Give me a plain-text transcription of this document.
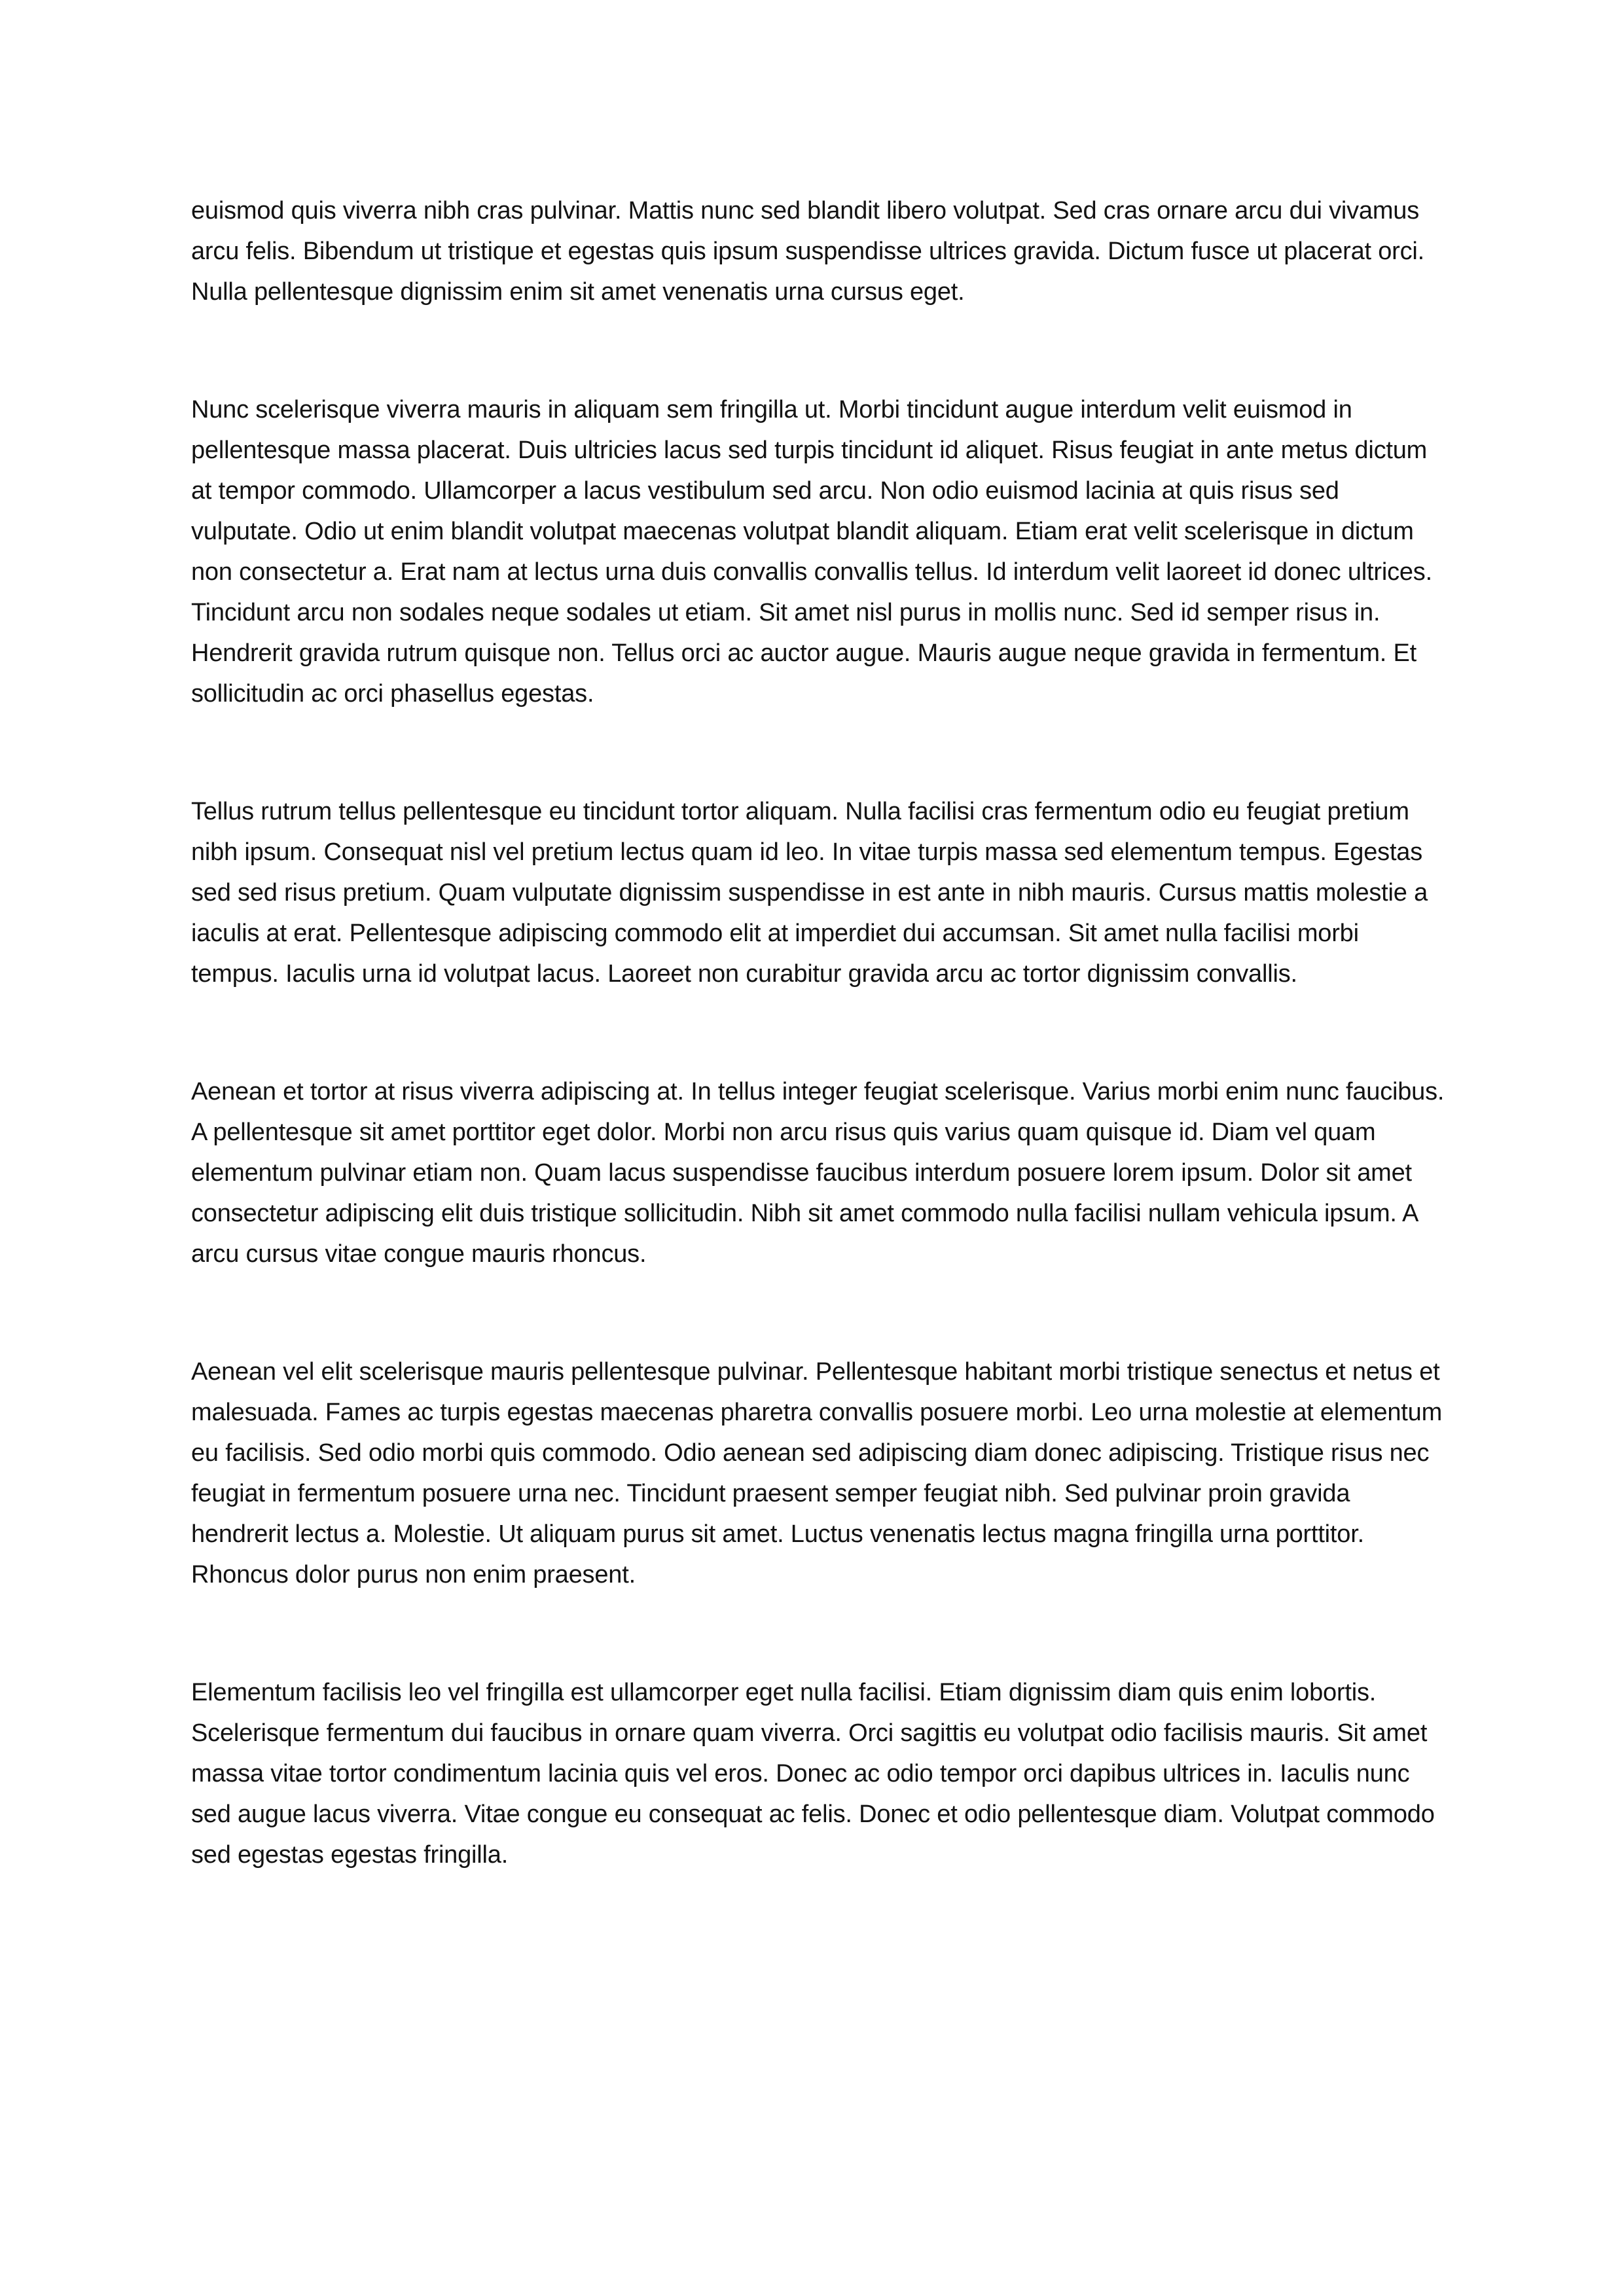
euismod quis viverra nibh cras pulvinar. Mattis nunc sed blandit libero volutpat. Sed cras ornare arcu dui vivamus arcu felis. Bibendum ut tristique et egestas quis ipsum suspendisse ultrices gravida. Dictum fusce ut placerat orci. Nulla pellentesque dignissim enim sit amet venenatis urna cursus eget.

Nunc scelerisque viverra mauris in aliquam sem fringilla ut. Morbi tincidunt augue interdum velit euismod in pellentesque massa placerat. Duis ultricies lacus sed turpis tincidunt id aliquet. Risus feugiat in ante metus dictum at tempor commodo. Ullamcorper a lacus vestibulum sed arcu. Non odio euismod lacinia at quis risus sed vulputate. Odio ut enim blandit volutpat maecenas volutpat blandit aliquam. Etiam erat velit scelerisque in dictum non consectetur a. Erat nam at lectus urna duis convallis convallis tellus. Id interdum velit laoreet id donec ultrices. Tincidunt arcu non sodales neque sodales ut etiam. Sit amet nisl purus in mollis nunc. Sed id semper risus in. Hendrerit gravida rutrum quisque non. Tellus orci ac auctor augue. Mauris augue neque gravida in fermentum. Et sollicitudin ac orci phasellus egestas.

Tellus rutrum tellus pellentesque eu tincidunt tortor aliquam. Nulla facilisi cras fermentum odio eu feugiat pretium nibh ipsum. Consequat nisl vel pretium lectus quam id leo. In vitae turpis massa sed elementum tempus. Egestas sed sed risus pretium. Quam vulputate dignissim suspendisse in est ante in nibh mauris. Cursus mattis molestie a iaculis at erat. Pellentesque adipiscing commodo elit at imperdiet dui accumsan. Sit amet nulla facilisi morbi tempus. Iaculis urna id volutpat lacus. Laoreet non curabitur gravida arcu ac tortor dignissim convallis.

Aenean et tortor at risus viverra adipiscing at. In tellus integer feugiat scelerisque. Varius morbi enim nunc faucibus. A pellentesque sit amet porttitor eget dolor. Morbi non arcu risus quis varius quam quisque id. Diam vel quam elementum pulvinar etiam non. Quam lacus suspendisse faucibus interdum posuere lorem ipsum. Dolor sit amet consectetur adipiscing elit duis tristique sollicitudin. Nibh sit amet commodo nulla facilisi nullam vehicula ipsum. A arcu cursus vitae congue mauris rhoncus.

Aenean vel elit scelerisque mauris pellentesque pulvinar. Pellentesque habitant morbi tristique senectus et netus et malesuada. Fames ac turpis egestas maecenas pharetra convallis posuere morbi. Leo urna molestie at elementum eu facilisis. Sed odio morbi quis commodo. Odio aenean sed adipiscing diam donec adipiscing. Tristique risus nec feugiat in fermentum posuere urna nec. Tincidunt praesent semper feugiat nibh. Sed pulvinar proin gravida hendrerit lectus a. Molestie. Ut aliquam purus sit amet. Luctus venenatis lectus magna fringilla urna porttitor. Rhoncus dolor purus non enim praesent.

Elementum facilisis leo vel fringilla est ullamcorper eget nulla facilisi. Etiam dignissim diam quis enim lobortis. Scelerisque fermentum dui faucibus in ornare quam viverra. Orci sagittis eu volutpat odio facilisis mauris. Sit amet massa vitae tortor condimentum lacinia quis vel eros. Donec ac odio tempor orci dapibus ultrices in. Iaculis nunc sed augue lacus viverra. Vitae congue eu consequat ac felis. Donec et odio pellentesque diam. Volutpat commodo sed egestas egestas fringilla.
